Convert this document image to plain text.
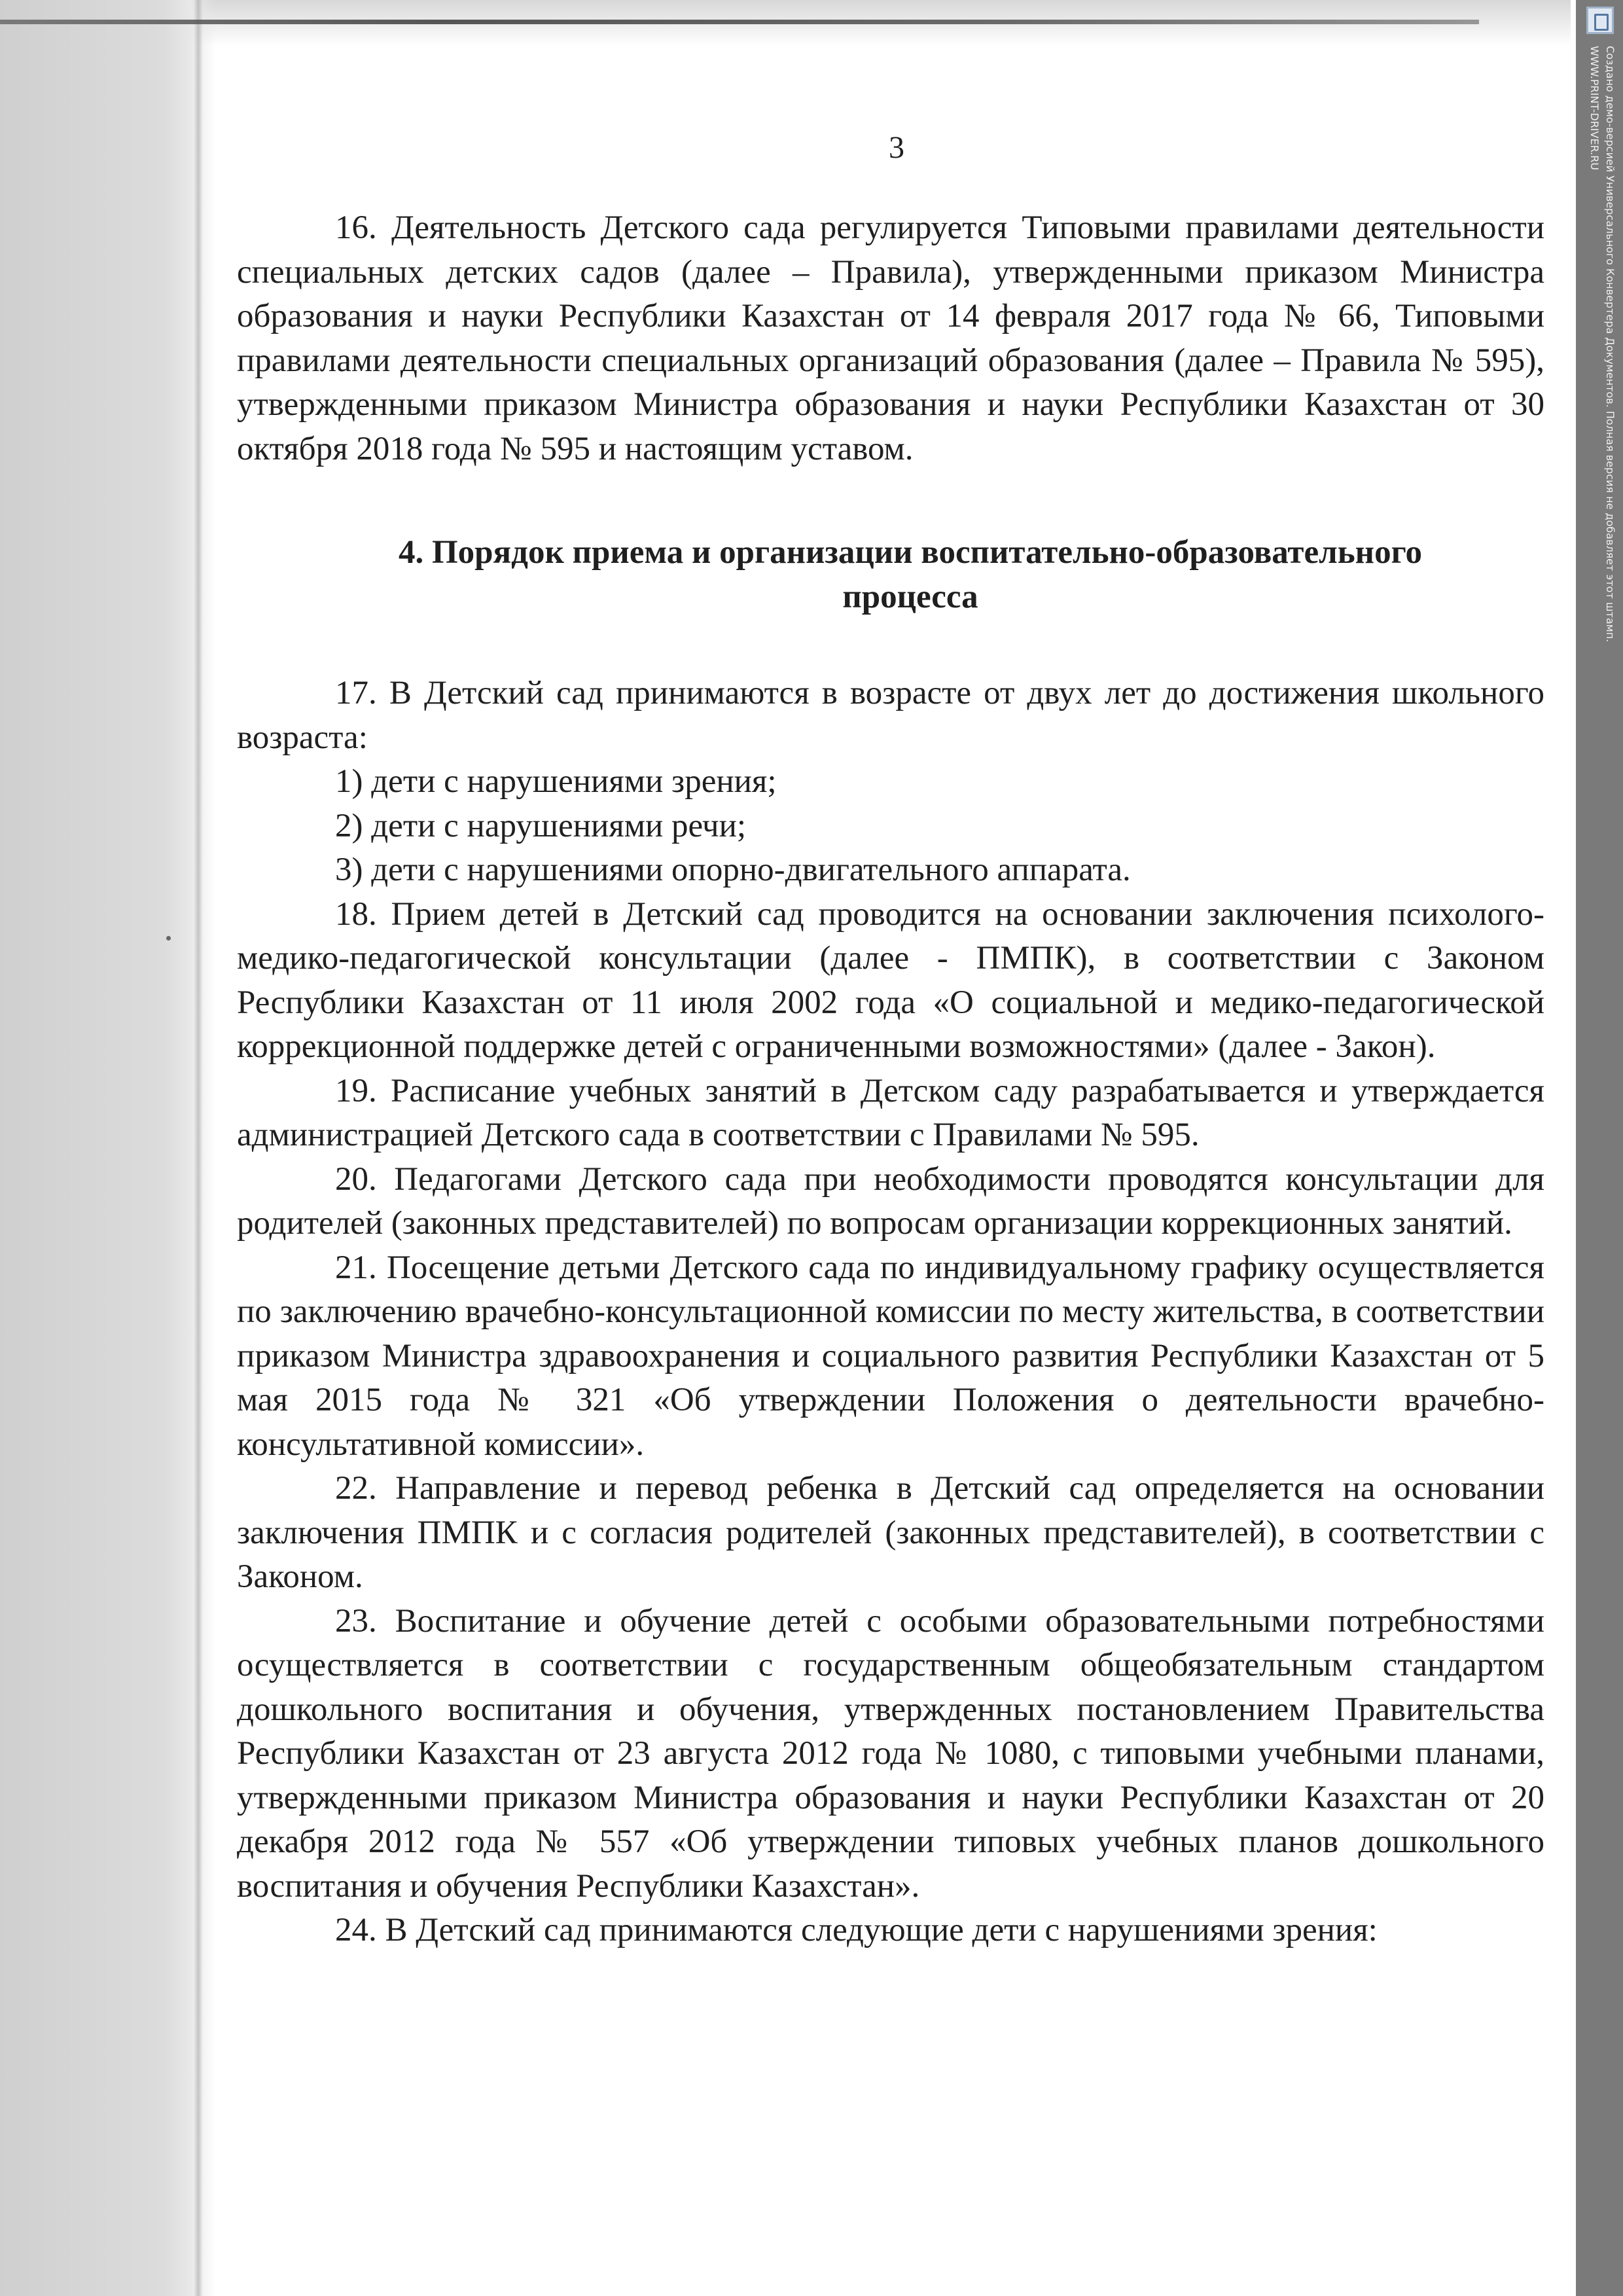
Создано демо-версией Универсального Конвертера Документов. Полная версия не добавляет этот штамп.
WWW.PRINT-DRIVER.RU
3

16. Деятельность Детского сада регулируется Типовыми правилами деятельности специальных детских садов (далее – Правила), утвержденными приказом Министра образования и науки Республики Казахстан от 14 февраля 2017 года № 66, Типовыми правилами деятельности специальных организаций образования (далее – Правила № 595), утвержденными приказом Министра образования и науки Республики Казахстан от 30 октября 2018 года № 595 и настоящим уставом.

4. Порядок приема и организации воспитательно-образовательного
процесса

17. В Детский сад принимаются в возрасте от двух лет до достижения школьного возраста:

1) дети с нарушениями зрения;

2) дети с нарушениями речи;

3) дети с нарушениями опорно-двигательного аппарата.

18. Прием детей в Детский сад проводится на основании заключения психолого-медико-педагогической консультации (далее - ПМПК), в соответствии с Законом Республики Казахстан от 11 июля 2002 года «О социальной и медико-педагогической коррекционной поддержке детей с ограниченными возможностями» (далее - Закон).

19. Расписание учебных занятий в Детском саду разрабатывается и утверждается администрацией Детского сада в соответствии с Правилами № 595.

20. Педагогами Детского сада при необходимости проводятся консультации для родителей (законных представителей) по вопросам организации коррекционных занятий.

21. Посещение детьми Детского сада по индивидуальному графику осуществляется по заключению врачебно-консультационной комиссии по месту жительства, в соответствии приказом Министра здравоохранения и социального развития Республики Казахстан от 5 мая 2015 года № 321 «Об утверждении Положения о деятельности врачебно-консультативной комиссии».

22. Направление и перевод ребенка в Детский сад определяется на основании заключения ПМПК и с согласия родителей (законных представителей), в соответствии с Законом.

23. Воспитание и обучение детей с особыми образовательными потребностями осуществляется в соответствии с государственным общеобязательным стандартом дошкольного воспитания и обучения, утвержденных постановлением Правительства Республики Казахстан от 23 августа 2012 года № 1080, с типовыми учебными планами, утвержденными приказом Министра образования и науки Республики Казахстан от 20 декабря 2012 года № 557 «Об утверждении типовых учебных планов дошкольного воспитания и обучения Республики Казахстан».

24. В Детский сад принимаются следующие дети с нарушениями зрения:
